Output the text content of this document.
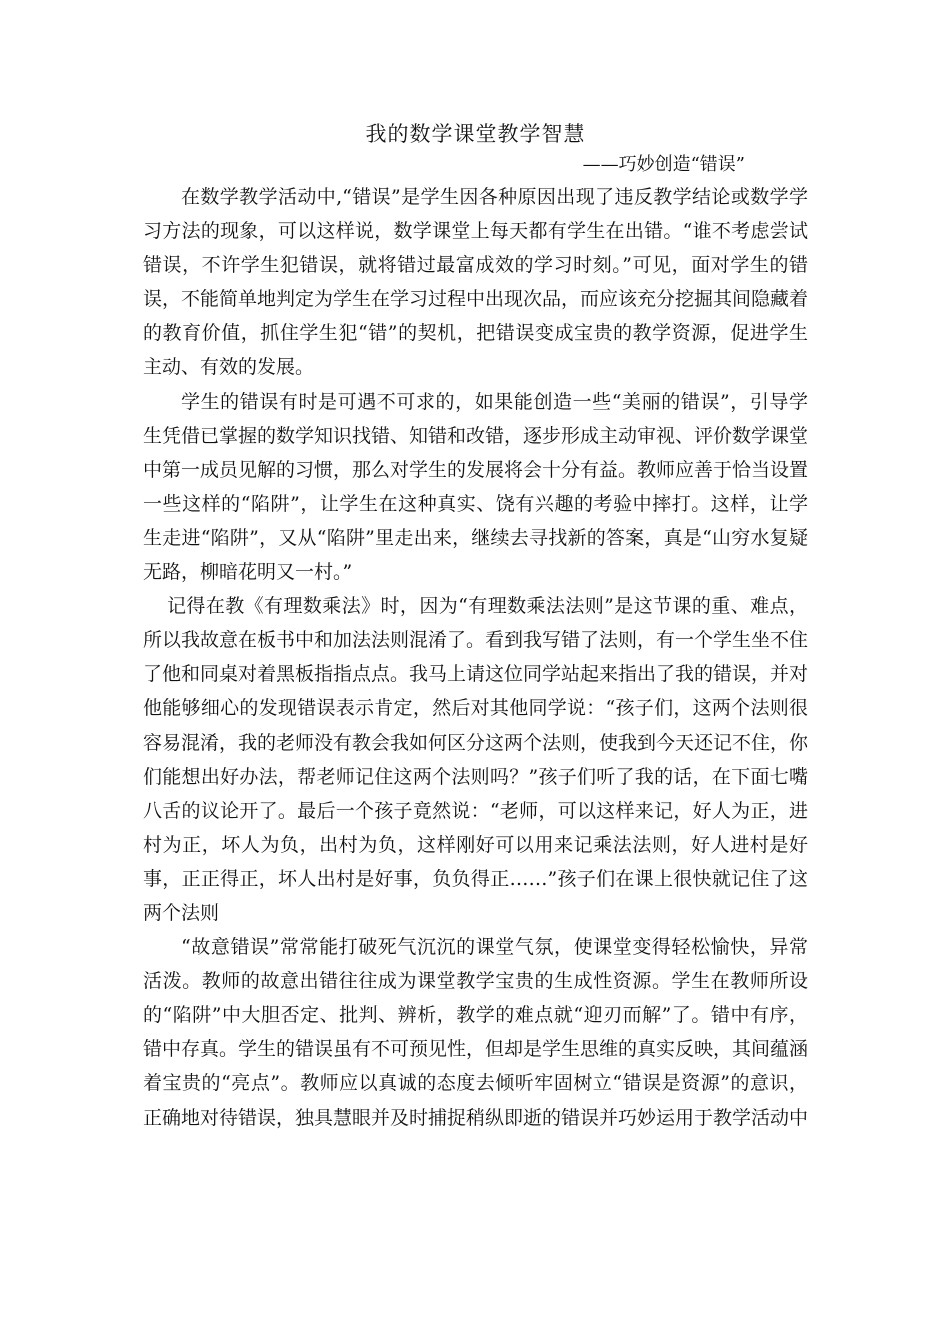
我的数学课堂教学智慧

——巧妙创造“错误”

在数学教学活动中,“错误”是学生因各种原因出现了违反教学结论或数学学习方法的现象，可以这样说，数学课堂上每天都有学生在出错。“谁不考虑尝试错误，不许学生犯错误，就将错过最富成效的学习时刻。”可见，面对学生的错误，不能简单地判定为学生在学习过程中出现次品，而应该充分挖掘其间隐藏着的教育价值，抓住学生犯“错”的契机，把错误变成宝贵的教学资源，促进学生主动、有效的发展。

学生的错误有时是可遇不可求的，如果能创造一些“美丽的错误”，引导学生凭借已掌握的数学知识找错、知错和改错，逐步形成主动审视、评价数学课堂中第一成员见解的习惯，那么对学生的发展将会十分有益。教师应善于恰当设置一些这样的“陷阱”，让学生在这种真实、饶有兴趣的考验中摔打。这样，让学生走进“陷阱”，又从“陷阱”里走出来，继续去寻找新的答案，真是“山穷水复疑无路，柳暗花明又一村。”

记得在教《有理数乘法》时，因为“有理数乘法法则”是这节课的重、难点，所以我故意在板书中和加法法则混淆了。看到我写错了法则，有一个学生坐不住了他和同桌对着黑板指指点点。我马上请这位同学站起来指出了我的错误，并对他能够细心的发现错误表示肯定，然后对其他同学说：“孩子们，这两个法则很容易混淆，我的老师没有教会我如何区分这两个法则，使我到今天还记不住，你们能想出好办法，帮老师记住这两个法则吗？”孩子们听了我的话，在下面七嘴八舌的议论开了。最后一个孩子竟然说：“老师，可以这样来记，好人为正，进村为正，坏人为负，出村为负，这样刚好可以用来记乘法法则，好人进村是好事，正正得正，坏人出村是好事，负负得正……”孩子们在课上很快就记住了这两个法则

“故意错误”常常能打破死气沉沉的课堂气氛，使课堂变得轻松愉快，异常活泼。教师的故意出错往往成为课堂教学宝贵的生成性资源。学生在教师所设的“陷阱”中大胆否定、批判、辨析，教学的难点就“迎刃而解”了。错中有序，错中存真。学生的错误虽有不可预见性，但却是学生思维的真实反映，其间蕴涵着宝贵的“亮点”。教师应以真诚的态度去倾听牢固树立“错误是资源”的意识，正确地对待错误，独具慧眼并及时捕捉稍纵即逝的错误并巧妙运用于教学活动中
